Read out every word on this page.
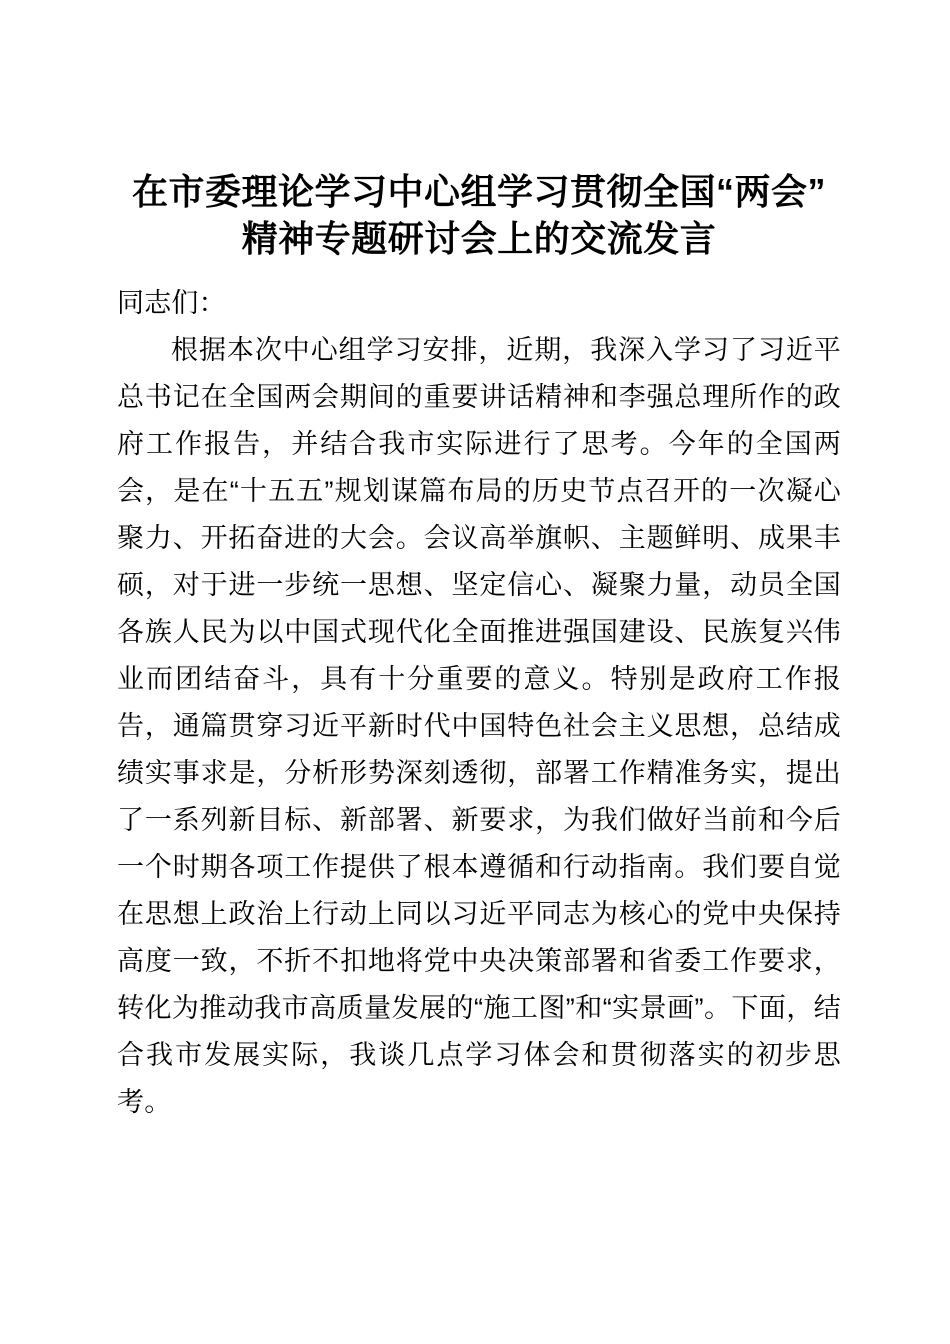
在市委理论学习中心组学习贯彻全国“两会”
精神专题研讨会上的交流发言

同志们：

根据本次中心组学习安排，近期，我深入学习了习近平总书记在全国两会期间的重要讲话精神和李强总理所作的政府工作报告，并结合我市实际进行了思考。今年的全国两会，是在“十五五”规划谋篇布局的历史节点召开的一次凝心聚力、开拓奋进的大会。会议高举旗帜、主题鲜明、成果丰硕，对于进一步统一思想、坚定信心、凝聚力量，动员全国各族人民为以中国式现代化全面推进强国建设、民族复兴伟业而团结奋斗，具有十分重要的意义。特别是政府工作报告，通篇贯穿习近平新时代中国特色社会主义思想，总结成绩实事求是，分析形势深刻透彻，部署工作精准务实，提出了一系列新目标、新部署、新要求，为我们做好当前和今后一个时期各项工作提供了根本遵循和行动指南。我们要自觉在思想上政治上行动上同以习近平同志为核心的党中央保持高度一致，不折不扣地将党中央决策部署和省委工作要求，转化为推动我市高质量发展的“施工图”和“实景画”。下面，结合我市发展实际，我谈几点学习体会和贯彻落实的初步思考。
